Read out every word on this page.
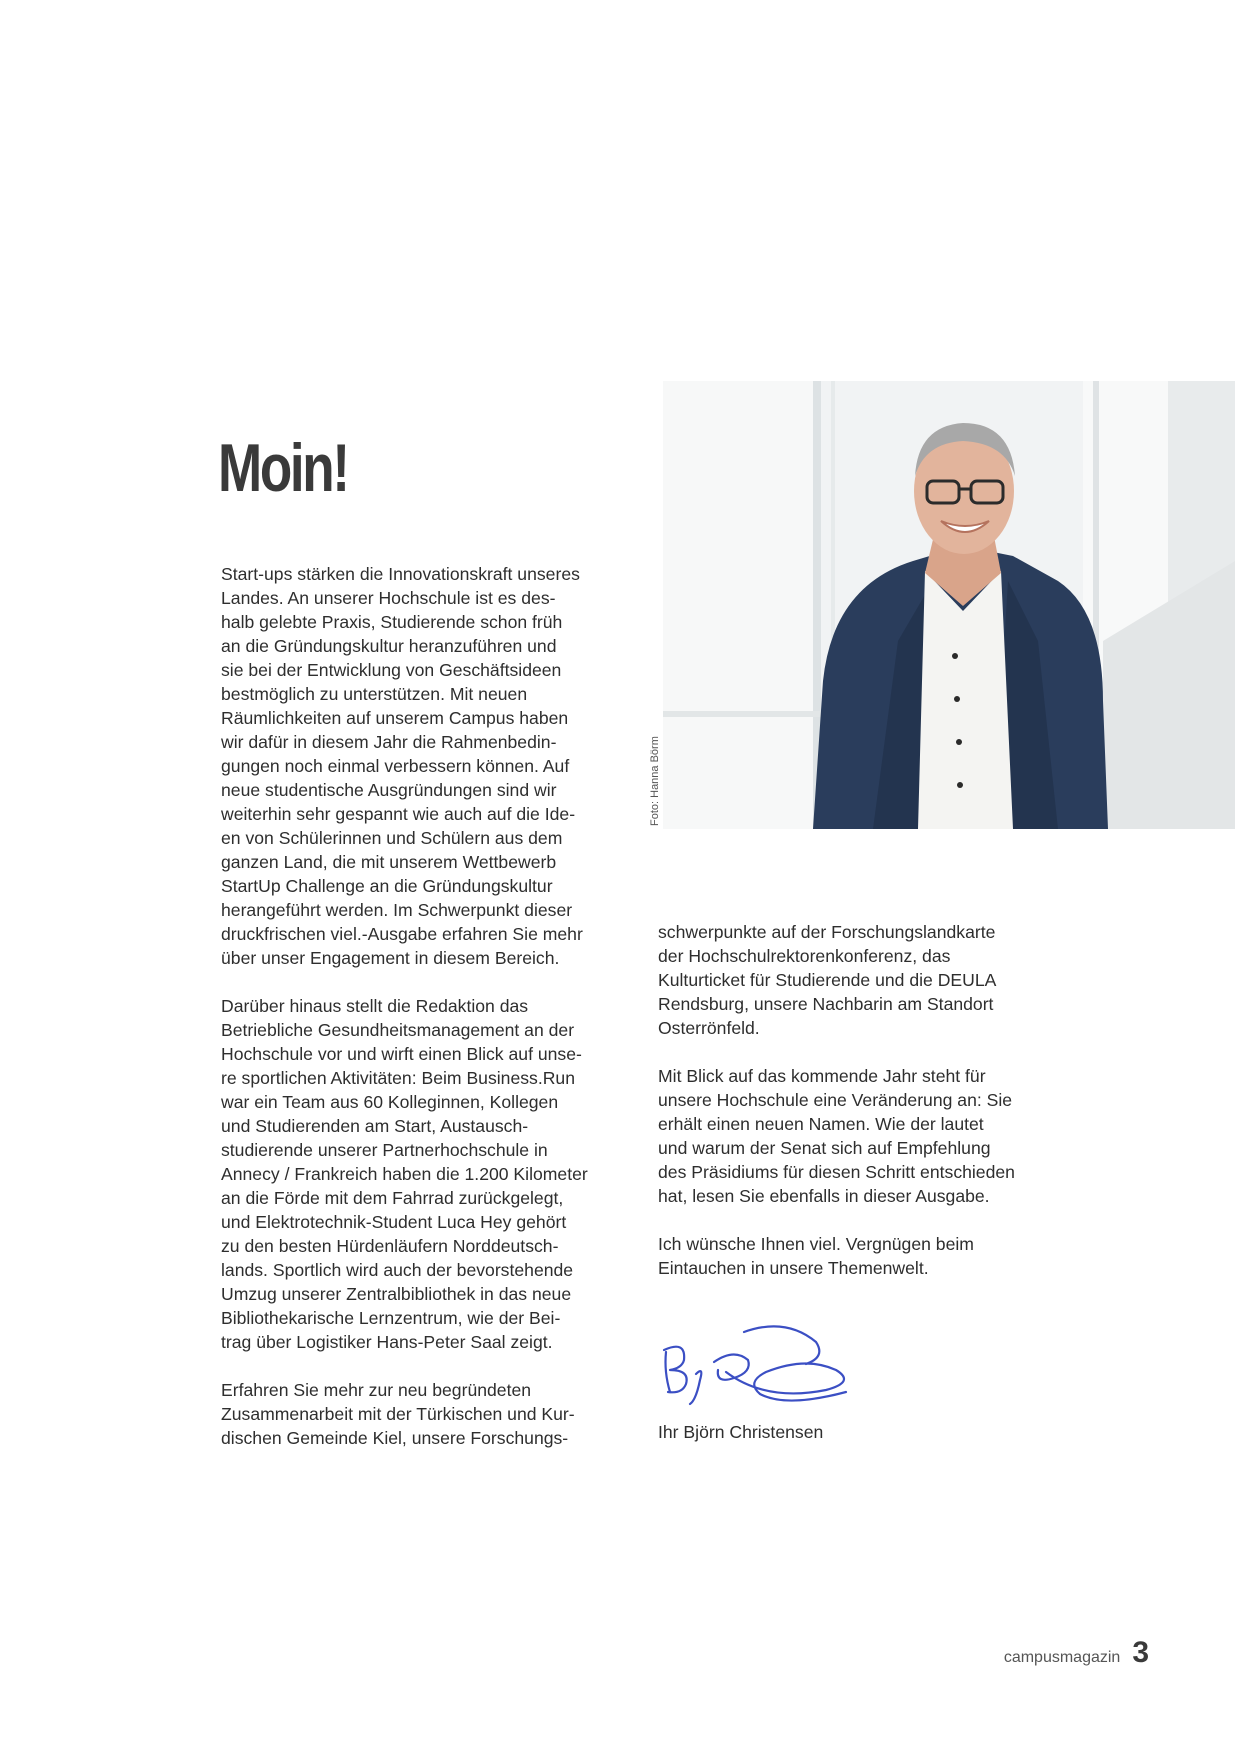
Moin!

Start-ups stärken die Innovationskraft unseres
Landes. An unserer Hochschule ist es des-
halb gelebte Praxis, Studierende schon früh
an die Gründungskultur heranzuführen und
sie bei der Entwicklung von Geschäftsideen
bestmöglich zu unterstützen. Mit neuen
Räumlichkeiten auf unserem Campus haben
wir dafür in diesem Jahr die Rahmenbedin-
gungen noch einmal verbessern können. Auf
neue studentische Ausgründungen sind wir
weiterhin sehr gespannt wie auch auf die Ide-
en von Schülerinnen und Schülern aus dem
ganzen Land, die mit unserem Wettbewerb
StartUp Challenge an die Gründungskultur
herangeführt werden. Im Schwerpunkt dieser
druckfrischen viel.-Ausgabe erfahren Sie mehr
über unser Engagement in diesem Bereich.

Darüber hinaus stellt die Redaktion das
Betriebliche Gesundheitsmanagement an der
Hochschule vor und wirft einen Blick auf unse-
re sportlichen Aktivitäten: Beim Business.Run
war ein Team aus 60 Kolleginnen, Kollegen
und Studierenden am Start, Austausch-
studierende unserer Partnerhochschule in
Annecy / Frankreich haben die 1.200 Kilometer
an die Förde mit dem Fahrrad zurückgelegt,
und Elektrotechnik-Student Luca Hey gehört
zu den besten Hürdenläufern Norddeutsch-
lands. Sportlich wird auch der bevorstehende
Umzug unserer Zentralbibliothek in das neue
Bibliothekarische Lernzentrum, wie der Bei-
trag über Logistiker Hans-Peter Saal zeigt.

Erfahren Sie mehr zur neu begründeten
Zusammenarbeit mit der Türkischen und Kur-
dischen Gemeinde Kiel, unsere Forschungs-

Foto: Hanna Börm

schwerpunkte auf der Forschungslandkarte
der Hochschulrektorenkonferenz, das
Kulturticket für Studierende und die DEULA
Rendsburg, unsere Nachbarin am Standort
Osterrönfeld.

Mit Blick auf das kommende Jahr steht für
unsere Hochschule eine Veränderung an: Sie
erhält einen neuen Namen. Wie der lautet
und warum der Senat sich auf Empfehlung
des Präsidiums für diesen Schritt entschieden
hat, lesen Sie ebenfalls in dieser Ausgabe.

Ich wünsche Ihnen viel. Vergnügen beim
Eintauchen in unsere Themenwelt.

Ihr Björn Christensen
campusmagazin 3
